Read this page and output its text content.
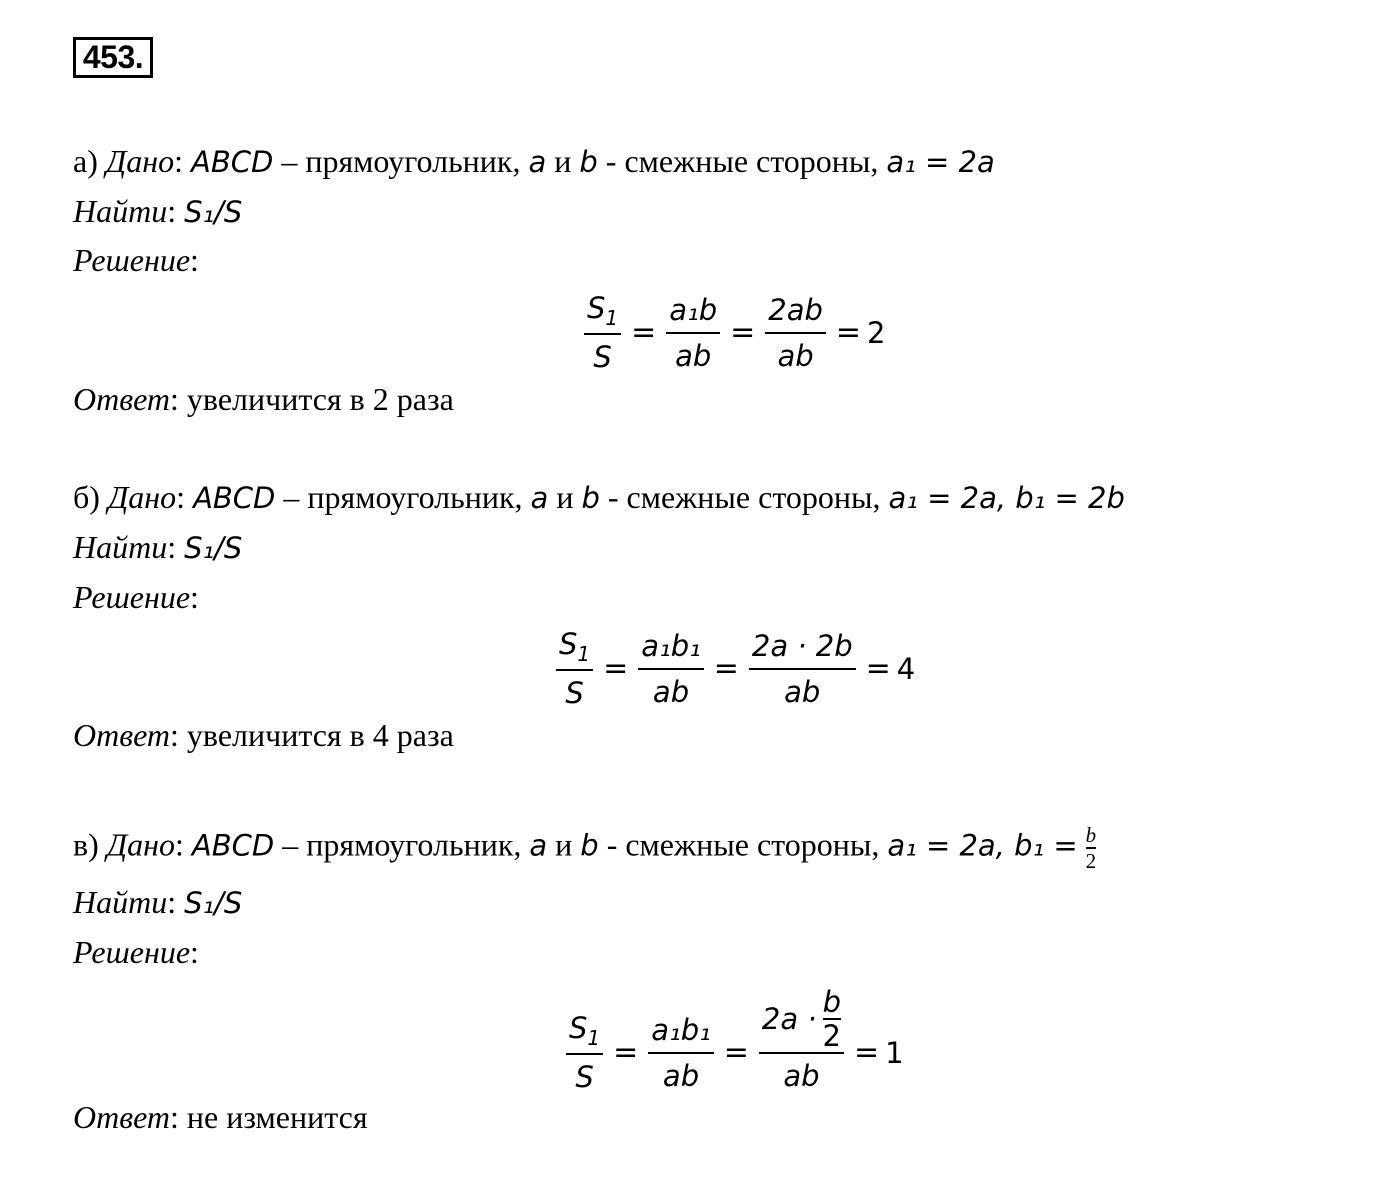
453.
а) Дано: ABCD – прямоугольник, a и b - смежные стороны, a₁ = 2a
Найти: S₁/S
Решение:
$\frac{S_1}{S} = \frac{\text{a₁b}}{ab} = \frac{2ab}{ab} = 2$
Ответ: увеличится в 2 раза
б) Дано: ABCD – прямоугольник, a и b - смежные стороны, a₁ = 2a, b₁ = 2b
Найти: S₁/S
Решение:
$\frac{S_1}{S} = \frac{\text{a₁b₁}}{ab} = \frac{2a \cdot 2b}{ab} = 4$
Ответ: увеличится в 4 раза
в) Дано: ABCD – прямоугольник, a и b - смежные стороны, a₁ = 2a, $b_1 = \frac{b}{2}$
Найти: S₁/S
Решение:
$\frac{S_1}{S} = \frac{\text{a₁b₁}}{ab} = 2a \cdot b$
2
ab = 1
Ответ: не изменится
